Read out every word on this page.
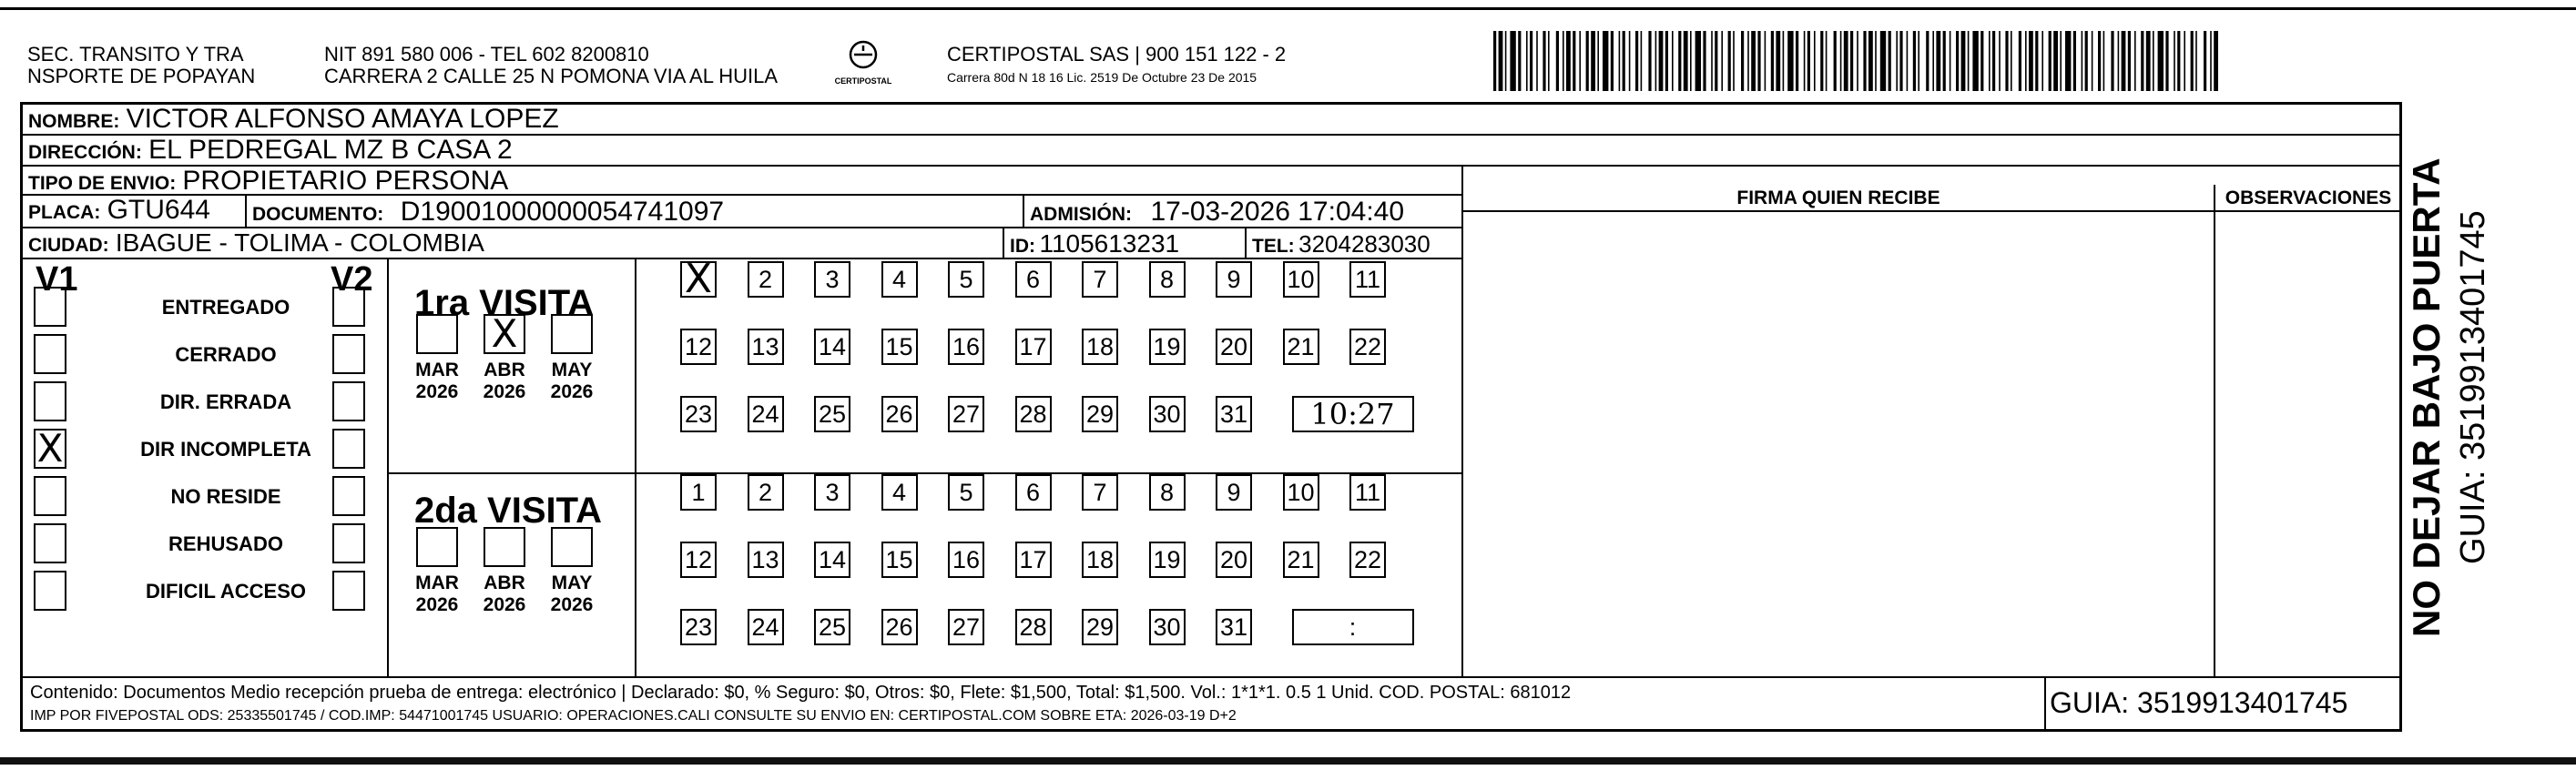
SEC. TRANSITO Y TRA
NSPORTE DE POPAYAN
NIT 891 580 006 - TEL 602 8200810
CARRERA 2 CALLE 25 N POMONA VIA AL HUILA	CERTIPOSTAL
CERTIPOSTAL SAS | 900 151 122 - 2
Carrera 80d N 18 16 Lic. 2519 De Octubre 23 De 2015
NOMBRE: VICTOR ALFONSO AMAYA LOPEZ
DIRECCIÓN: EL PEDREGAL MZ B CASA 2
TIPO DE ENVIO: PROPIETARIO PERSONA
PLACA: GTU644	DOCUMENTO: D19001000000054741097	ADMISIÓN: 17-03-2026 17:04:40
CIUDAD: IBAGUE - TOLIMA - COLOMBIA	ID: 1105613231	TEL: 3204283030
FIRMA QUIEN RECIBE	OBSERVACIONES
V1	V2
ENTREGADO
CERRADO
DIR. ERRADA
X	DIR INCOMPLETA
NO RESIDE
REHUSADO
DIFICIL ACCESO
1ra VISITA
2da VISITA
MAR
2026
X
ABR
2026
MAY
2026
X	2	3	4	5	6	7	8	9	10 11
12 13 14 15 16 17 18 19 20 21 22
23 24 25 26 27 28 29 30 31	10:27
MAR
2026
ABR
2026
MAY
2026
1	2	3	4	5	6	7	8	9	10 11
12 13 14 15 16 17 18 19 20 21 22
23 24 25 26 27 28 29 30 31	:
Contenido: Documentos Medio recepción prueba de entrega: electrónico | Declarado: $0, % Seguro: $0, Otros: $0, Flete: $1,500, Total: $1,500. Vol.: 1*1*1. 0.5 1 Unid. COD. POSTAL: 681012
IMP POR FIVEPOSTAL ODS: 25335501745 / COD.IMP: 54471001745 USUARIO: OPERACIONES.CALI CONSULTE SU ENVIO EN: CERTIPOSTAL.COM SOBRE ETA: 2026-03-19 D+2	GUIA: 3519913401745
NO DEJAR BAJO PUERTA GUIA: 3519913401745
